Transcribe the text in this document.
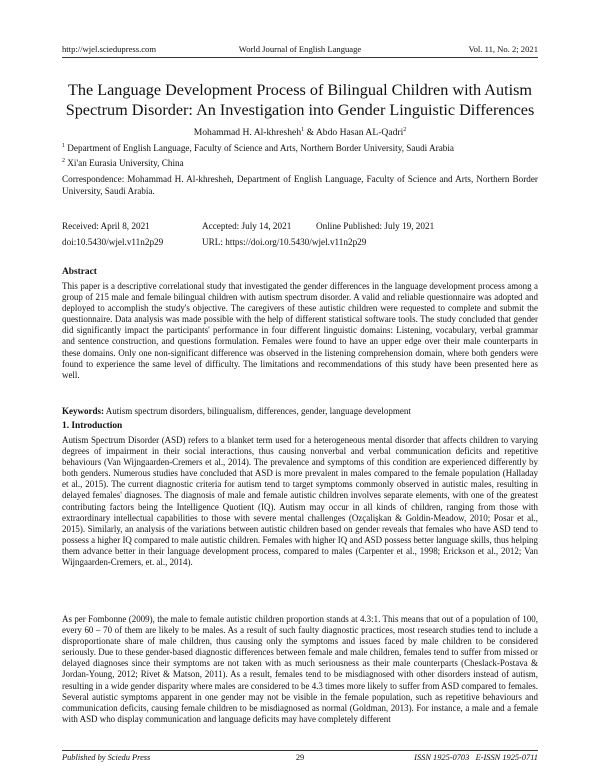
http://wjel.sciedupress.com	World Journal of English Language	Vol. 11, No. 2; 2021
The Language Development Process of Bilingual Children with Autism Spectrum Disorder: An Investigation into Gender Linguistic Differences
Mohammad H. Al-khresheh$^1$ & Abdo Hasan AL-Qadri$^2$
$^1$ Department of English Language, Faculty of Science and Arts, Northern Border University, Saudi Arabia
$^2$ Xi'an Eurasia University, China
Correspondence: Mohammad H. Al-khresheh, Department of English Language, Faculty of Science and Arts, Northern Border University, Saudi Arabia.
Received: April 8, 2021	Accepted: July 14, 2021	Online Published: July 19, 2021
doi:10.5430/wjel.v11n2p29	URL: https://doi.org/10.5430/wjel.v11n2p29
Abstract
This paper is a descriptive correlational study that investigated the gender differences in the language development process among a group of 215 male and female bilingual children with autism spectrum disorder. A valid and reliable questionnaire was adopted and deployed to accomplish the study's objective. The caregivers of these autistic children were requested to complete and submit the questionnaire. Data analysis was made possible with the help of different statistical software tools. The study concluded that gender did significantly impact the participants' performance in four different linguistic domains: Listening, vocabulary, verbal grammar and sentence construction, and questions formulation. Females were found to have an upper edge over their male counterparts in these domains. Only one non-significant difference was observed in the listening comprehension domain, where both genders were found to experience the same level of difficulty. The limitations and recommendations of this study have been presented here as well.
Keywords: Autism spectrum disorders, bilingualism, differences, gender, language development
1. Introduction
Autism Spectrum Disorder (ASD) refers to a blanket term used for a heterogeneous mental disorder that affects children to varying degrees of impairment in their social interactions, thus causing nonverbal and verbal communication deficits and repetitive behaviours (Van Wijngaarden-Cremers et al., 2014). The prevalence and symptoms of this condition are experienced differently by both genders. Numerous studies have concluded that ASD is more prevalent in males compared to the female population (Halladay et al., 2015). The current diagnostic criteria for autism tend to target symptoms commonly observed in autistic males, resulting in delayed females' diagnoses. The diagnosis of male and female autistic children involves separate elements, with one of the greatest contributing factors being the Intelligence Quotient (IQ). Autism may occur in all kinds of children, ranging from those with extraordinary intellectual capabilities to those with severe mental challenges (Ozçalişkan & Goldin-Meadow, 2010; Posar et al., 2015). Similarly, an analysis of the variations between autistic children based on gender reveals that females who have ASD tend to possess a higher IQ compared to male autistic children. Females with higher IQ and ASD possess better language skills, thus helping them advance better in their language development process, compared to males (Carpenter et al., 1998; Erickson et al., 2012; Van Wijngaarden-Cremers, et. al., 2014).
As per Fombonne (2009), the male to female autistic children proportion stands at 4.3:1. This means that out of a population of 100, every 60 – 70 of them are likely to be males. As a result of such faulty diagnostic practices, most research studies tend to include a disproportionate share of male children, thus causing only the symptoms and issues faced by male children to be considered seriously. Due to these gender-based diagnostic differences between female and male children, females tend to suffer from missed or delayed diagnoses since their symptoms are not taken with as much seriousness as their male counterparts (Cheslack-Postava & Jordan-Young, 2012; Rivet & Matson, 2011). As a result, females tend to be misdiagnosed with other disorders instead of autism, resulting in a wide gender disparity where males are considered to be 4.3 times more likely to suffer from ASD compared to females. Several autistic symptoms apparent in one gender may not be visible in the female population, such as repetitive behaviours and communication deficits, causing female children to be misdiagnosed as normal (Goldman, 2013). For instance, a male and a female with ASD who display communication and language deficits may have completely different
Published by Sciedu Press	29	ISSN 1925-0703   E-ISSN 1925-0711
